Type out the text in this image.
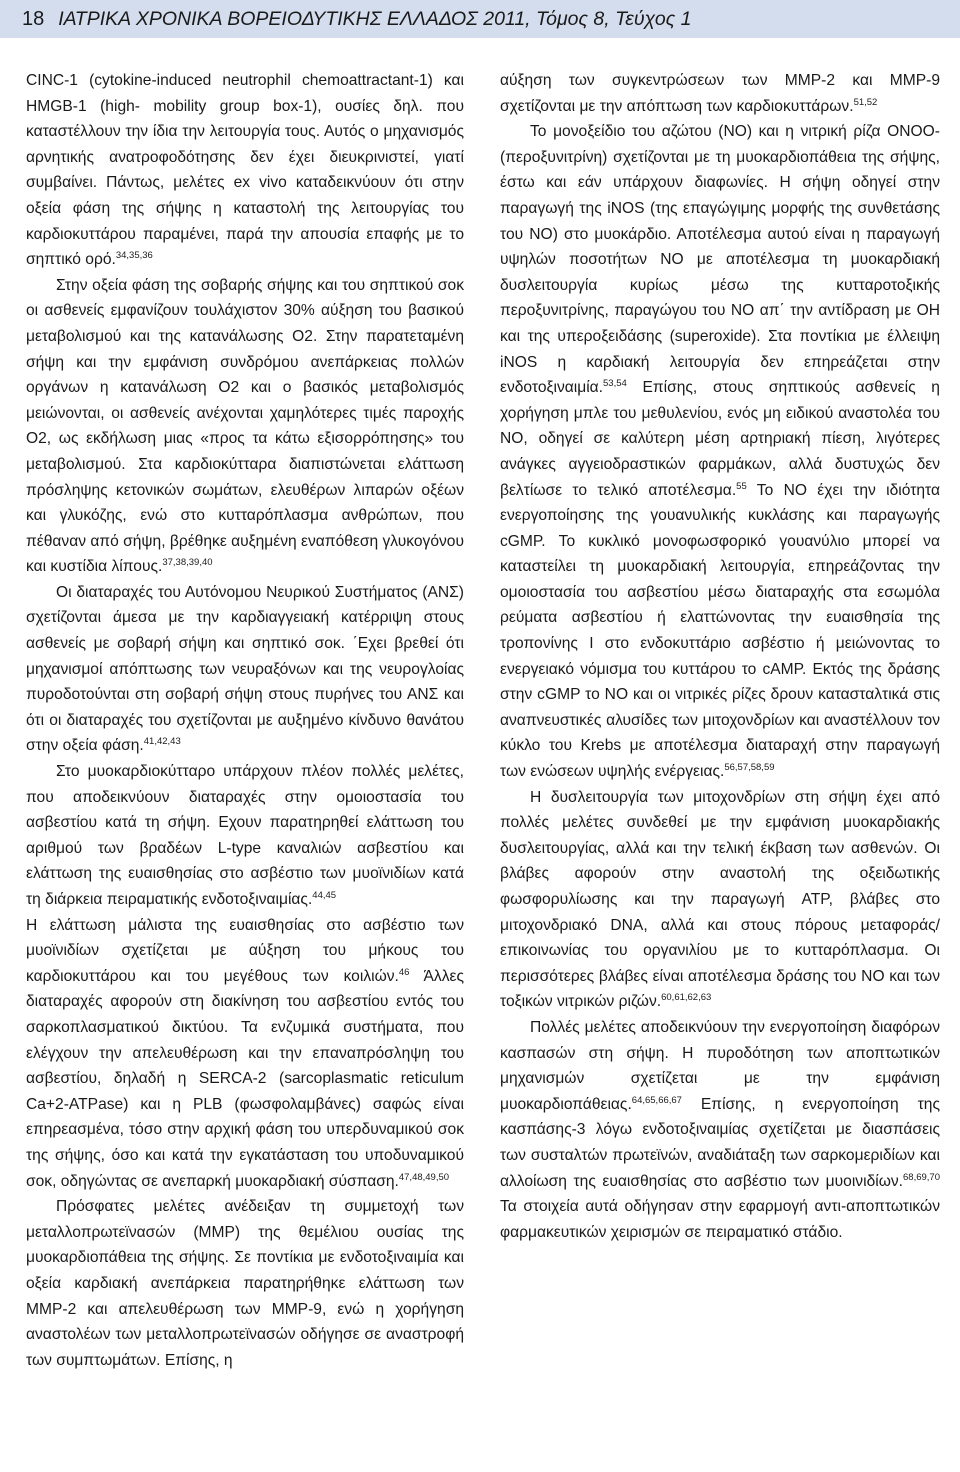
18 ΙΑΤΡΙΚΑ ΧΡΟΝΙΚΑ ΒΟΡΕΙΟΔΥΤΙΚΗΣ ΕΛΛΑΔΟΣ 2011, Τόμος 8, Τεύχος 1

CINC-1 (cytokine-induced neutrophil chemoattractant-1) και HMGB-1 (high- mobility group box-1), ουσίες δηλ. που καταστέλλουν την ίδια την λειτουργία τους. Αυτός ο μηχανισμός αρνητικής ανατροφοδότησης δεν έχει διευκρινιστεί, γιατί συμβαίνει. Πάντως, μελέτες ex vivo καταδεικνύουν ότι στην οξεία φάση της σήψης η καταστολή της λειτουργίας του καρδιοκυττάρου παραμένει, παρά την απουσία επαφής με το σηπτικό ορό.$^{34,35,36}$

Στην οξεία φάση της σοβαρής σήψης και του σηπτικού σοκ οι ασθενείς εμφανίζουν τουλάχιστον 30% αύξηση του βασικού μεταβολισμού και της κατανάλωσης Ο2. Στην παρατεταμένη σήψη και την εμφάνιση συνδρόμου ανεπάρκειας πολλών οργάνων η κατανάλωση Ο2 και ο βασικός μεταβολισμός μειώνονται, οι ασθενείς ανέχονται χαμηλότερες τιμές παροχής Ο2, ως εκδήλωση μιας «προς τα κάτω εξισορρόπησης» του μεταβολισμού. Στα καρδιοκύτταρα διαπιστώνεται ελάττωση πρόσληψης κετονικών σωμάτων, ελευθέρων λιπαρών οξέων και γλυκόζης, ενώ στο κυτταρόπλασμα ανθρώπων, που πέθαναν από σήψη, βρέθηκε αυξημένη εναπόθεση γλυκογόνου και κυστίδια λίπους.$^{37,38,39,40}$

Οι διαταραχές του Αυτόνομου Νευρικού Συστήματος (ΑΝΣ) σχετίζονται άμεσα με την καρδιαγγειακή κατέρριψη στους ασθενείς με σοβαρή σήψη και σηπτικό σοκ. ΄Εχει βρεθεί ότι μηχανισμοί απόπτωσης των νευραξόνων και της νευρογλοίας πυροδοτούνται στη σοβαρή σήψη στους πυρήνες του ΑΝΣ και ότι οι διαταραχές του σχετίζονται με αυξημένο κίνδυνο θανάτου στην οξεία φάση.$^{41,42,43}$

Στο μυοκαρδιοκύτταρο υπάρχουν πλέον πολλές μελέτες, που αποδεικνύουν διαταραχές στην ομοιοστασία του ασβεστίου κατά τη σήψη. Εχουν παρατηρηθεί ελάττωση του αριθμού των βραδέων L-type καναλιών ασβεστίου και ελάττωση της ευαισθησίας στο ασβέστιο των μυοϊνιδίων κατά τη διάρκεια πειραματικής ενδοτοξιναιμίας.$^{44,45}$
Η ελάττωση μάλιστα της ευαισθησίας στο ασβέστιο των μυοϊνιδίων σχετίζεται με αύξηση του μήκους του καρδιοκυττάρου και του μεγέθους των κοιλιών.$^{46}$ Άλλες διαταραχές αφορούν στη διακίνηση του ασβεστίου εντός του σαρκοπλασματικού δικτύου. Τα ενζυμικά συστήματα, που ελέγχουν την απελευθέρωση και την επαναπρόσληψη του ασβεστίου, δηλαδή η SERCA-2 (sarcoplasmatic reticulum Ca+2-ATPase) και η PLB (φωσφολαμβάνες) σαφώς είναι επηρεασμένα, τόσο στην αρχική φάση του υπερδυναμικού σοκ της σήψης, όσο και κατά την εγκατάσταση του υποδυναμικού σοκ, οδηγώντας σε ανεπαρκή μυοκαρδιακή σύσπαση.$^{47,48,49,50}$

Πρόσφατες μελέτες ανέδειξαν τη συμμετοχή των μεταλλοπρωτεϊνασών (MMP) της θεμέλιου ουσίας της μυοκαρδιοπάθεια της σήψης. Σε ποντίκια με ενδοτοξιναιμία και οξεία καρδιακή ανεπάρκεια παρατηρήθηκε ελάττωση των MMP-2 και απελευθέρωση των MMP-9, ενώ η χορήγηση αναστολέων των μεταλλοπρωτεϊνασών οδήγησε σε αναστροφή των συμπτωμάτων. Επίσης, η

αύξηση των συγκεντρώσεων των MMP-2 και MMP-9 σχετίζονται με την απόπτωση των καρδιοκυττάρων.$^{51,52}$

Το μονοξείδιο του αζώτου (NO) και η νιτρική ρίζα ΟΝΟΟ- (περοξυνιτρίνη) σχετίζονται με τη μυοκαρδιοπάθεια της σήψης, έστω και εάν υπάρχουν διαφωνίες. Η σήψη οδηγεί στην παραγωγή της iNOS (της επαγώγιμης μορφής της συνθετάσης του NO) στο μυοκάρδιο. Αποτέλεσμα αυτού είναι η παραγωγή υψηλών ποσοτήτων NO με αποτέλεσμα τη μυοκαρδιακή δυσλειτουργία κυρίως μέσω της κυτταροτοξικής περοξυνιτρίνης, παραγώγου του NO απ΄ την αντίδραση με ΟΗ και της υπεροξειδάσης (superoxide). Στα ποντίκια με έλλειψη iNOS η καρδιακή λειτουργία δεν επηρεάζεται στην ενδοτοξιναιμία.$^{53,54}$ Επίσης, στους σηπτικούς ασθενείς η χορήγηση μπλε του μεθυλενίου, ενός μη ειδικού αναστολέα του NO, οδηγεί σε καλύτερη μέση αρτηριακή πίεση, λιγότερες ανάγκες αγγειοδραστικών φαρμάκων, αλλά δυστυχώς δεν βελτίωσε το τελικό αποτέλεσμα.$^{55}$ Το NO έχει την ιδιότητα ενεργοποίησης της γουανυλικής κυκλάσης και παραγωγής cGMP. Το κυκλικό μονοφωσφορικό γουανύλιο μπορεί να καταστείλει τη μυοκαρδιακή λειτουργία, επηρεάζοντας την ομοιοστασία του ασβεστίου μέσω διαταραχής στα εσωμόλα ρεύματα ασβεστίου ή ελαττώνοντας την ευαισθησία της τροπονίνης Ι στο ενδοκυττάριο ασβέστιο ή μειώνοντας το ενεργειακό νόμισμα του κυττάρου το cAMP. Εκτός της δράσης στην cGMP το NO και οι νιτρικές ρίζες δρουν κατασταλτικά στις αναπνευστικές αλυσίδες των μιτοχονδρίων και αναστέλλουν τον κύκλο του Krebs με αποτέλεσμα διαταραχή στην παραγωγή των ενώσεων υψηλής ενέργειας.$^{56,57,58,59}$

Η δυσλειτουργία των μιτοχονδρίων στη σήψη έχει από πολλές μελέτες συνδεθεί με την εμφάνιση μυοκαρδιακής δυσλειτουργίας, αλλά και την τελική έκβαση των ασθενών. Οι βλάβες αφορούν στην αναστολή της οξειδωτικής φωσφορυλίωσης και την παραγωγή ATP, βλάβες στο μιτοχονδριακό DNA, αλλά και στους πόρους μεταφοράς/επικοινωνίας του οργανιλίου με το κυτταρόπλασμα. Οι περισσότερες βλάβες είναι αποτέλεσμα δράσης του NO και των τοξικών νιτρικών ριζών.$^{60,61,62,63}$

Πολλές μελέτες αποδεικνύουν την ενεργοποίηση διαφόρων κασπασών στη σήψη. Η πυροδότηση των αποπτωτικών μηχανισμών σχετίζεται με την εμφάνιση μυοκαρδιοπάθειας.$^{64,65,66,67}$ Επίσης, η ενεργοποίηση της κασπάσης-3 λόγω ενδοτοξιναιμίας σχετίζεται με διασπάσεις των συσταλτών πρωτεϊνών, αναδιάταξη των σαρκομεριδίων και αλλοίωση της ευαισθησίας στο ασβέστιο των μυοινιδίων.$^{68,69,70}$ Τα στοιχεία αυτά οδήγησαν στην εφαρμογή αντι-αποπτωτικών φαρμακευτικών χειρισμών σε πειραματικό στάδιο.
